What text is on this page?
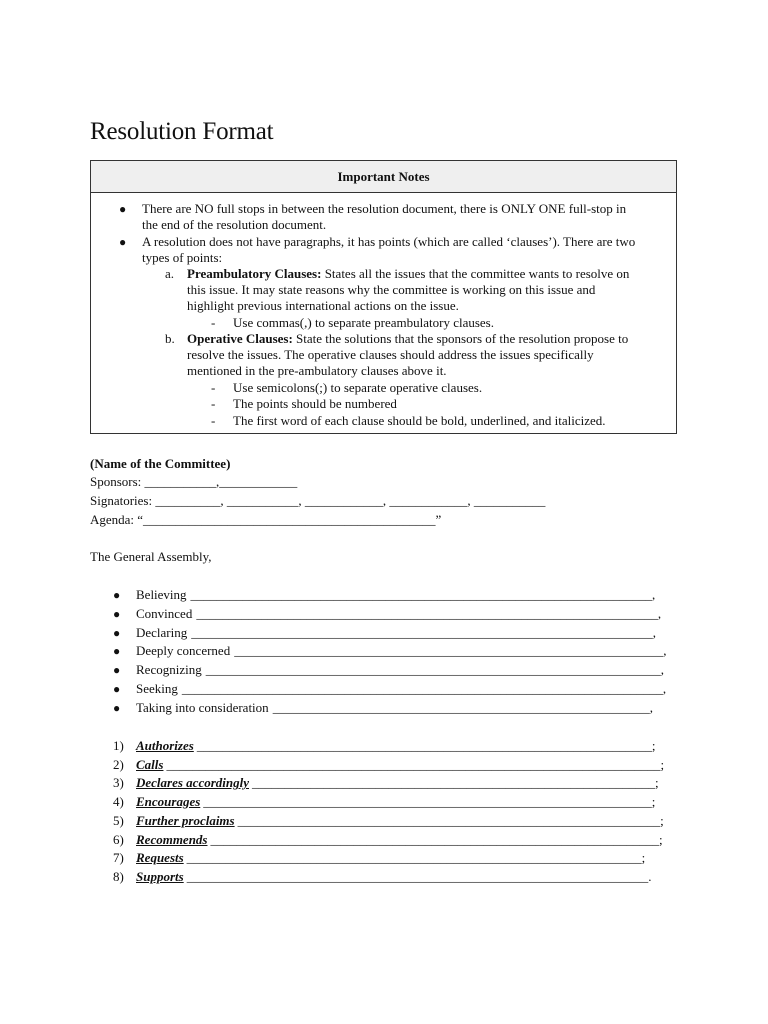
Resolution Format
Important Notes
● There are NO full stops in between the resolution document, there is ONLY ONE full-stop in
the end of the resolution document.
● A resolution does not have paragraphs, it has points (which are called ‘clauses’). There are two
types of points:
a. Preambulatory Clauses: States all the issues that the committee wants to resolve on
this issue. It may state reasons why the committee is working on this issue and
highlight previous international actions on the issue.
- Use commas(,) to separate preambulatory clauses.
b. Operative Clauses: State the solutions that the sponsors of the resolution propose to
resolve the issues. The operative clauses should address the issues specifically
mentioned in the pre-ambulatory clauses above it.
- Use semicolons(;) to separate operative clauses.
- The points should be numbered
- The first word of each clause should be bold, underlined, and italicized.
(Name of the Committee)
Sponsors: ___________,____________
Signatories: __________, ___________, ____________, ____________, ___________
Agenda: “_____________________________________________”
The General Assembly,
● Believing _______________________________________________________________________,
● Convinced _______________________________________________________________________,
● Declaring _______________________________________________________________________,
● Deeply concerned __________________________________________________________________,
● Recognizing ______________________________________________________________________,
● Seeking __________________________________________________________________________,
● Taking into consideration __________________________________________________________,
1) Authorizes ______________________________________________________________________;
2) Calls ____________________________________________________________________________;
3) Declares accordingly ______________________________________________________________;
4) Encourages _____________________________________________________________________;
5) Further proclaims _________________________________________________________________;
6) Recommends _____________________________________________________________________;
7) Requests ______________________________________________________________________;
8) Supports _______________________________________________________________________.
